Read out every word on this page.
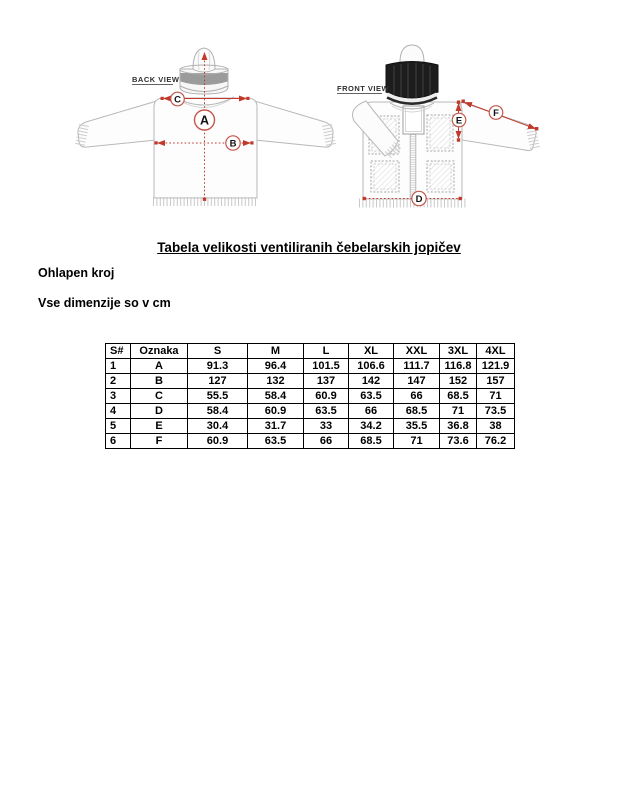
BACK VIEW
A
C
B
FRONT VIEW
D
E
F
Tabela velikosti ventiliranih čebelarskih jopičev

Ohlapen kroj

Vse dimenzije so v cm

S#	Oznaka	S	M	L	XL	XXL	3XL	4XL
1	A	91.3	96.4	101.5	106.6	111.7	116.8	121.9
2	B	127	132	137	142	147	152	157
3	C	55.5	58.4	60.9	63.5	66	68.5	71
4	D	58.4	60.9	63.5	66	68.5	71	73.5
5	E	30.4	31.7	33	34.2	35.5	36.8	38
6	F	60.9	63.5	66	68.5	71	73.6	76.2
